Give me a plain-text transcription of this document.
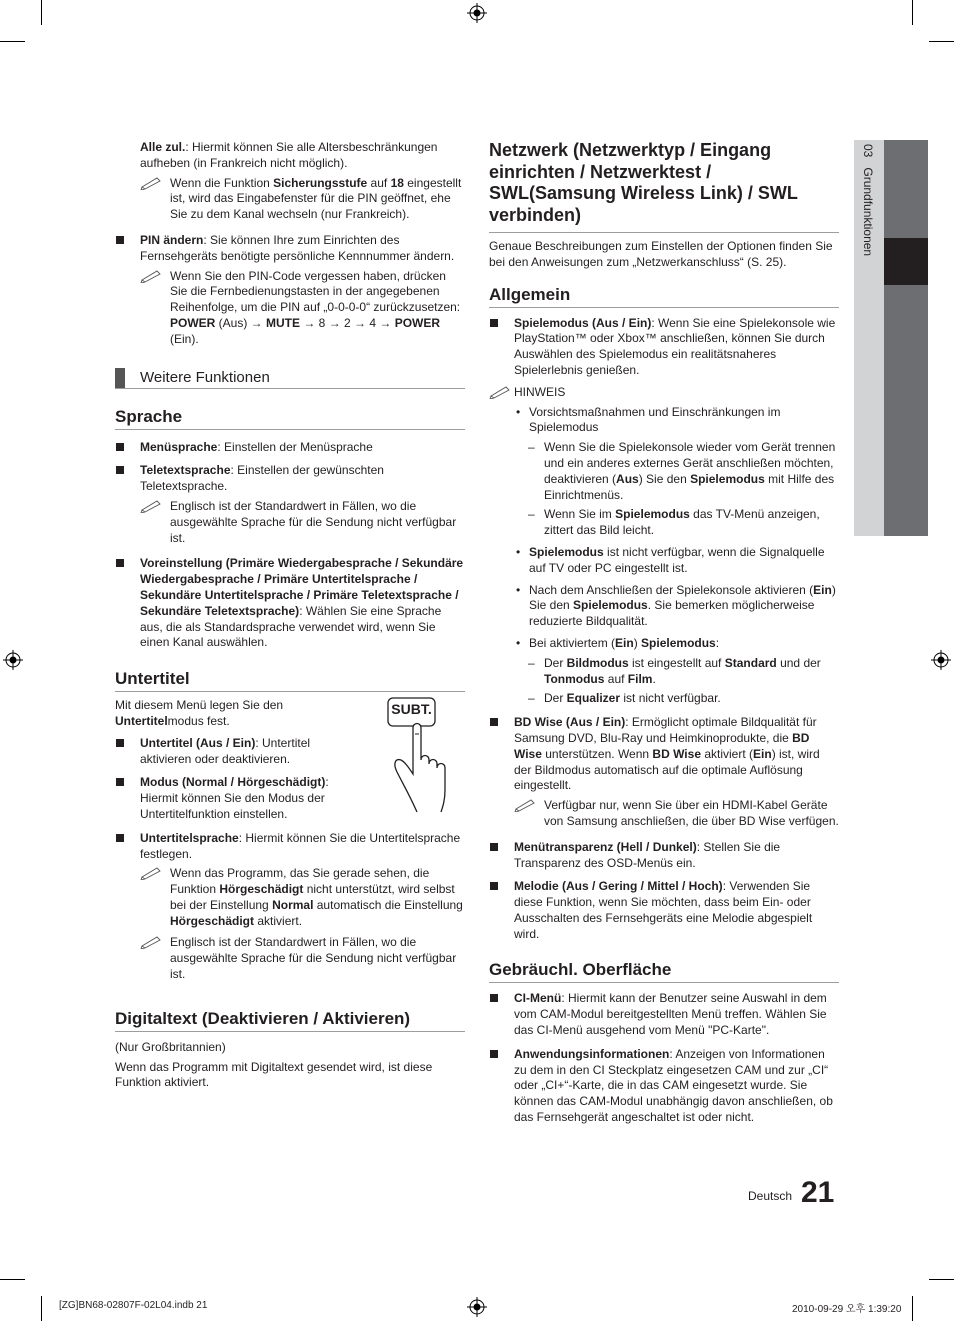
03Grundfunktionen
Alle zul.: Hiermit können Sie alle Altersbeschränkungen aufheben (in Frankreich nicht möglich).
Wenn die Funktion Sicherungsstufe auf 18 eingestellt ist, wird das Eingabefenster für die PIN geöffnet, ehe Sie zu dem Kanal wechseln (nur Frankreich).
PIN ändern: Sie können Ihre zum Einrichten des Fernsehgeräts benötigte persönliche Kennnummer ändern.
Wenn Sie den PIN-Code vergessen haben, drücken Sie die Fernbedienungstasten in der angegebenen Reihenfolge, um die PIN auf „0-0-0-0“ zurückzusetzen: POWER (Aus) → MUTE → 8 → 2 → 4 → POWER (Ein).
Weitere Funktionen
Sprache
Menüsprache: Einstellen der Menüsprache
Teletextsprache: Einstellen der gewünschten Teletextsprache.
Englisch ist der Standardwert in Fällen, wo die ausgewählte Sprache für die Sendung nicht verfügbar ist.
Voreinstellung (Primäre Wiedergabesprache / Sekundäre Wiedergabesprache / Primäre Untertitelsprache / Sekundäre Untertitelsprache / Primäre Teletextsprache / Sekundäre Teletextsprache): Wählen Sie eine Sprache aus, die als Standardsprache verwendet wird, wenn Sie einen Kanal auswählen.
Untertitel
Mit diesem Menü legen Sie den Untertitelmodus fest.
Untertitel (Aus / Ein): Untertitel aktivieren oder deaktivieren.
Modus (Normal / Hörgeschädigt): Hiermit können Sie den Modus der Untertitelfunktion einstellen.
SUBT.
Untertitelsprache: Hiermit können Sie die Untertitelsprache festlegen.
Wenn das Programm, das Sie gerade sehen, die Funktion Hörgeschädigt nicht unterstützt, wird selbst bei der Einstellung Normal automatisch die Einstellung Hörgeschädigt aktiviert.
Englisch ist der Standardwert in Fällen, wo die ausgewählte Sprache für die Sendung nicht verfügbar ist.
Digitaltext (Deaktivieren / Aktivieren)

(Nur Großbritannien)

Wenn das Programm mit Digitaltext gesendet wird, ist diese Funktion aktiviert.

Netzwerk (Netzwerktyp / Eingang einrichten / Netzwerktest / SWL(Samsung Wireless Link) / SWL verbinden)

Genaue Beschreibungen zum Einstellen der Optionen finden Sie bei den Anweisungen zum „Netzwerkanschluss“ (S. 25).

Allgemein
Spielemodus (Aus / Ein): Wenn Sie eine Spielekonsole wie PlayStation™ oder Xbox™ anschließen, können Sie durch Auswählen des Spielemodus ein realitätsnaheres Spielerlebnis genießen.
HINWEIS
• Vorsichtsmaßnahmen und Einschränkungen im Spielemodus
– Wenn Sie die Spielekonsole wieder vom Gerät trennen und ein anderes externes Gerät anschließen möchten, deaktivieren (Aus) Sie den Spielemodus mit Hilfe des Einrichtmenüs.
– Wenn Sie im Spielemodus das TV-Menü anzeigen, zittert das Bild leicht.
• Spielemodus ist nicht verfügbar, wenn die Signalquelle auf TV oder PC eingestellt ist.
• Nach dem Anschließen der Spielekonsole aktivieren (Ein) Sie den Spielemodus. Sie bemerken möglicherweise reduzierte Bildqualität.
• Bei aktiviertem (Ein) Spielemodus:
– Der Bildmodus ist eingestellt auf Standard und der Tonmodus auf Film.
– Der Equalizer ist nicht verfügbar.
BD Wise (Aus / Ein): Ermöglicht optimale Bildqualität für Samsung DVD, Blu-Ray und Heimkinoprodukte, die BD Wise unterstützen. Wenn BD Wise aktiviert (Ein) ist, wird der Bildmodus automatisch auf die optimale Auflösung eingestellt.
Verfügbar nur, wenn Sie über ein HDMI-Kabel Geräte von Samsung anschließen, die über BD Wise verfügen.
Menütransparenz (Hell / Dunkel): Stellen Sie die Transparenz des OSD-Menüs ein.
Melodie (Aus / Gering / Mittel / Hoch): Verwenden Sie diese Funktion, wenn Sie möchten, dass beim Ein- oder Ausschalten des Fernsehgeräts eine Melodie abgespielt wird.
Gebräuchl. Oberfläche
CI-Menü: Hiermit kann der Benutzer seine Auswahl in dem vom CAM-Modul bereitgestellten Menü treffen. Wählen Sie das CI-Menü ausgehend vom Menü "PC-Karte".
Anwendungsinformationen: Anzeigen von Informationen zu dem in den CI Steckplatz eingesetzen CAM und zur „CI“ oder „CI+“-Karte, die in das CAM eingesetzt wurde. Sie können das CAM-Modul unabhängig davon anschließen, ob das Fernsehgerät angeschaltet ist oder nicht.
Deutsch 21
[ZG]BN68-02807F-02L04.indb 21	2010-09-29 오후 1:39:20
